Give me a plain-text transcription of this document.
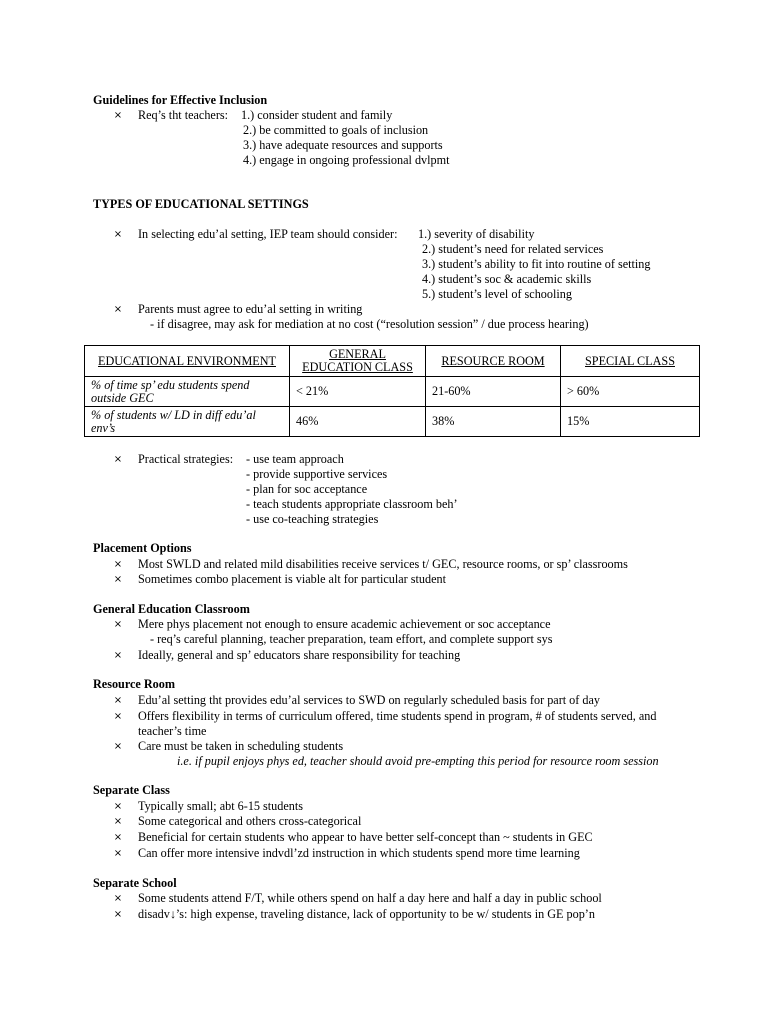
Guidelines for Effective Inclusion
× Req’s tht teachers: 1.) consider student and family
2.) be committed to goals of inclusion
3.) have adequate resources and supports
4.) engage in ongoing professional dvlpmt
TYPES OF EDUCATIONAL SETTINGS
× In selecting edu’al setting, IEP team should consider: 1.) severity of disability
2.) student’s need for related services
3.) student’s ability to fit into routine of setting
4.) student’s soc & academic skills
5.) student’s level of schooling
× Parents must agree to edu’al setting in writing
- if disagree, may ask for mediation at no cost (“resolution session” / due process hearing)
EDUCATIONAL ENVIRONMENT	GENERAL EDUCATION CLASS	RESOURCE ROOM	SPECIAL CLASS
% of time sp’ edu students spend outside GEC	< 21%	21-60%	> 60%
% of students w/ LD in diff edu’al env’s	46%	38%	15%
× Practical strategies: - use team approach
- provide supportive services
- plan for soc acceptance
- teach students appropriate classroom beh’
- use co-teaching strategies
Placement Options
× Most SWLD and related mild disabilities receive services t/ GEC, resource rooms, or sp’ classrooms
× Sometimes combo placement is viable alt for particular student
General Education Classroom
× Mere phys placement not enough to ensure academic achievement or soc acceptance
- req’s careful planning, teacher preparation, team effort, and complete support sys
× Ideally, general and sp’ educators share responsibility for teaching
Resource Room
× Edu’al setting tht provides edu’al services to SWD on regularly scheduled basis for part of day
× Offers flexibility in terms of curriculum offered, time students spend in program, # of students served, and
teacher’s time
× Care must be taken in scheduling students
i.e. if pupil enjoys phys ed, teacher should avoid pre-empting this period for resource room session
Separate Class
× Typically small; abt 6-15 students
× Some categorical and others cross-categorical
× Beneficial for certain students who appear to have better self-concept than ~ students in GEC
× Can offer more intensive indvdl’zd instruction in which students spend more time learning
Separate School
× Some students attend F/T, while others spend on half a day here and half a day in public school
× disadv↓’s: high expense, traveling distance, lack of opportunity to be w/ students in GE pop’n
